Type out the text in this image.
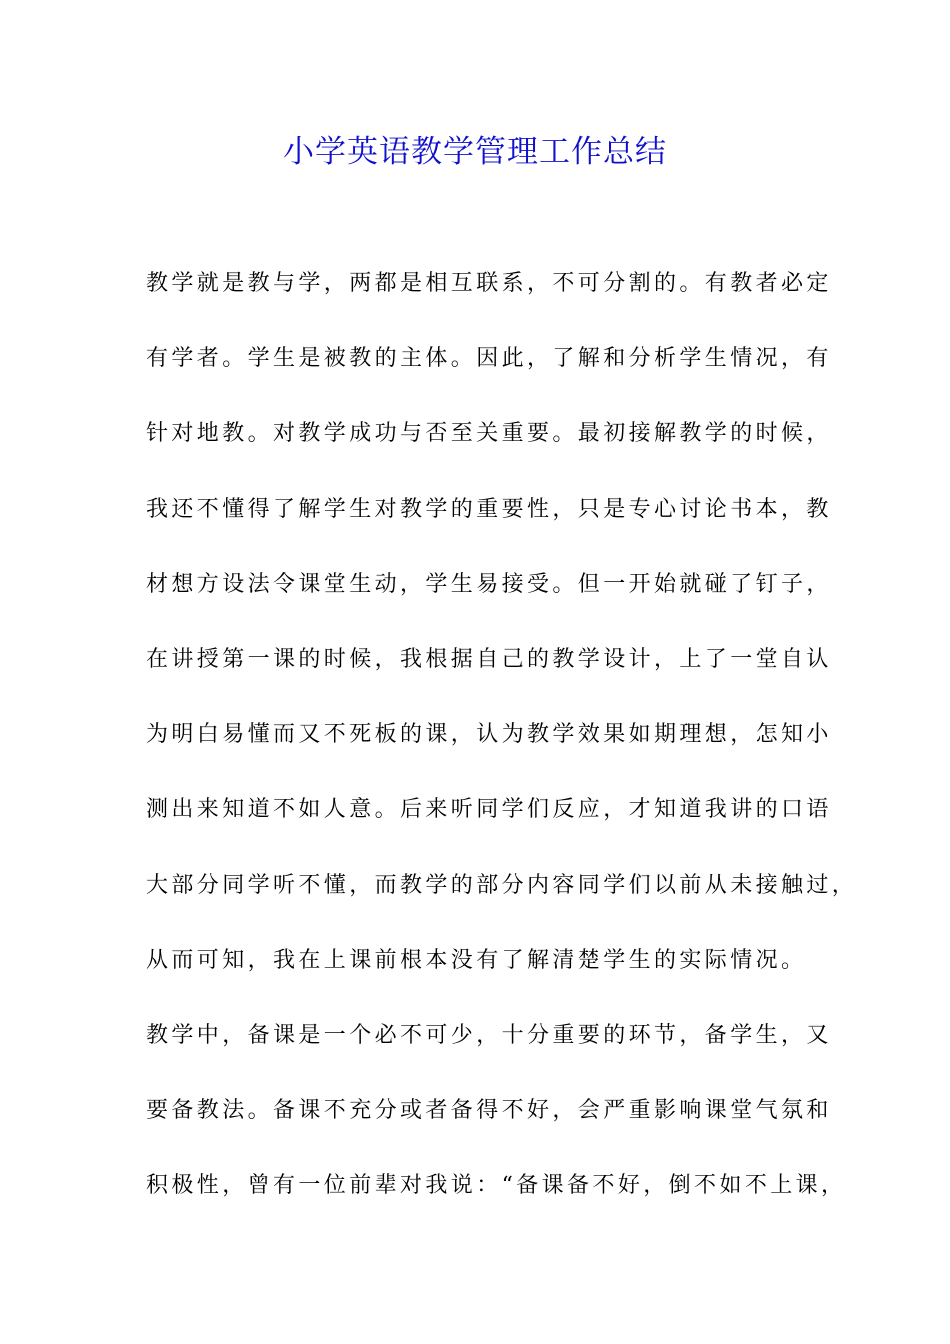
小学英语教学管理工作总结
教学就是教与学，两都是相互联系，不可分割的。有教者必定
有学者。学生是被教的主体。因此，了解和分析学生情况，有
针对地教。对教学成功与否至关重要。最初接解教学的时候，
我还不懂得了解学生对教学的重要性，只是专心讨论书本，教
材想方设法令课堂生动，学生易接受。但一开始就碰了钉子，
在讲授第一课的时候，我根据自己的教学设计，上了一堂自认
为明白易懂而又不死板的课，认为教学效果如期理想，怎知小
测出来知道不如人意。后来听同学们反应，才知道我讲的口语
大部分同学听不懂，而教学的部分内容同学们以前从未接触过，
从而可知，我在上课前根本没有了解清楚学生的实际情况。
教学中，备课是一个必不可少，十分重要的环节，备学生，又
要备教法。备课不充分或者备得不好，会严重影响课堂气氛和
积极性，曾有一位前辈对我说：“备课备不好，倒不如不上课，
